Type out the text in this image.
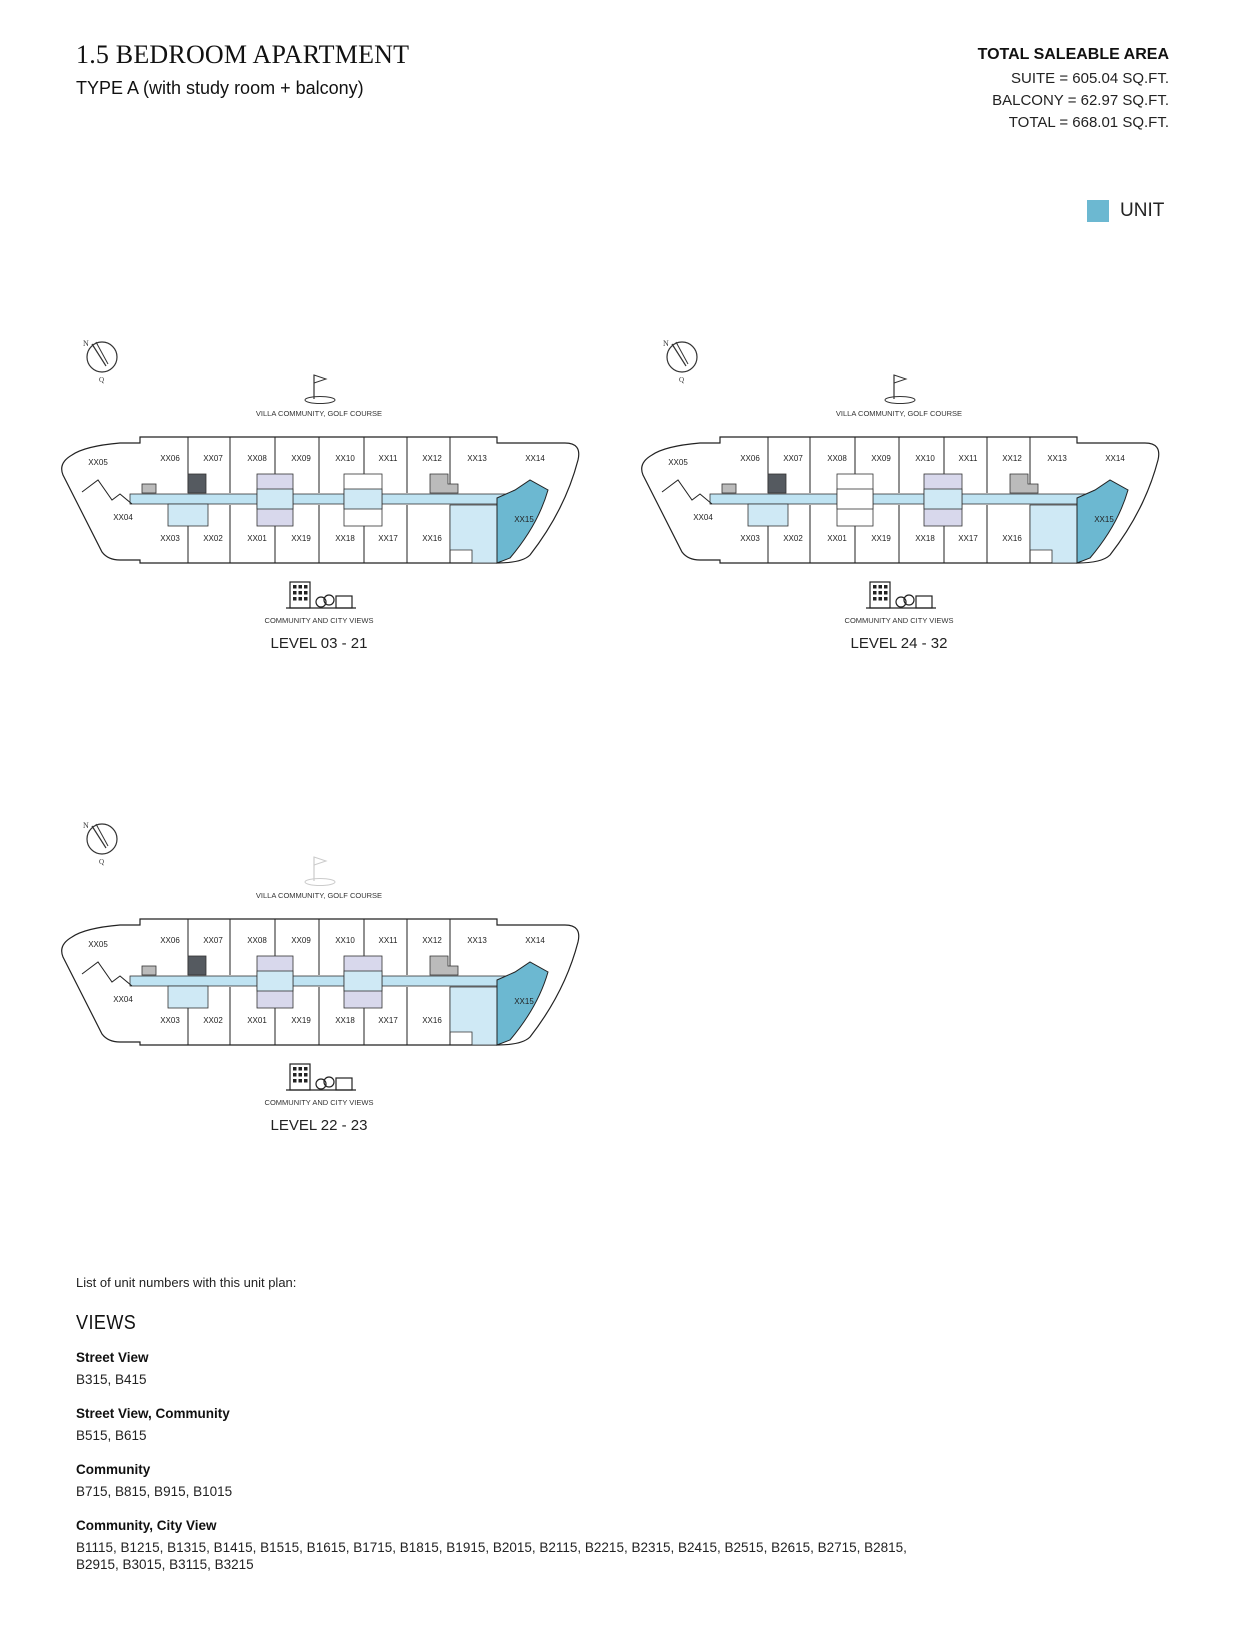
1.5 BEDROOM APARTMENT
TYPE A (with study room + balcony)
TOTAL SALEABLE AREA
SUITE = 605.04 SQ.FT.
BALCONY = 62.97 SQ.FT.
TOTAL = 668.01 SQ.FT.
UNIT
N
Q
VILLA COMMUNITY, GOLF COURSE
XX05	XX06	XX07	XX08	XX09	XX10	XX11	XX12	XX13	XX14
XX04
XX03	XX02	XX01	XX19	XX18	XX17	XX16
XX15
COMMUNITY AND CITY VIEWS
LEVEL 03 - 21
N
Q
VILLA COMMUNITY, GOLF COURSE
XX05	XX06	XX07	XX08	XX09	XX10	XX11	XX12	XX13	XX14
XX04
XX03	XX02	XX01	XX19	XX18	XX17	XX16
XX15
COMMUNITY AND CITY VIEWS
LEVEL 24 - 32
N
Q
VILLA COMMUNITY, GOLF COURSE
XX05	XX06	XX07	XX08	XX09	XX10	XX11	XX12	XX13	XX14
XX04
XX03	XX02	XX01	XX19	XX18	XX17	XX16
XX15
COMMUNITY AND CITY VIEWS
LEVEL 22 - 23
List of unit numbers with this unit plan:
VIEWS
Street View
B315, B415
Street View, Community
B515, B615
Community
B715, B815, B915, B1015
Community, City View
B1115, B1215, B1315, B1415, B1515, B1615, B1715, B1815, B1915, B2015, B2115, B2215, B2315, B2415, B2515, B2615, B2715, B2815, B2915, B3015, B3115, B3215
